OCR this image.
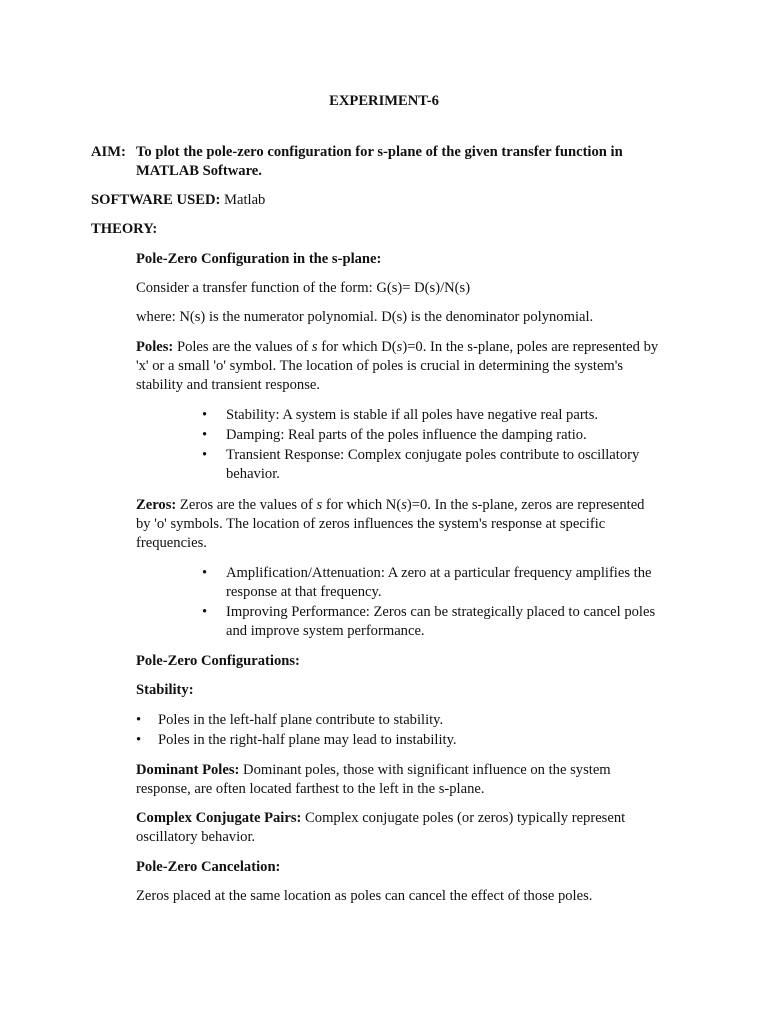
EXPERIMENT-6
AIM: To plot the pole-zero configuration for s-plane of the given transfer function in
MATLAB Software.
SOFTWARE USED: Matlab
THEORY:
Pole-Zero Configuration in the s-plane:
Consider a transfer function of the form: G(s)= D(s)/N(s)
where: N(s) is the numerator polynomial. D(s) is the denominator polynomial.
Poles: Poles are the values of s for which D(s)=0. In the s-plane, poles are represented by
'x' or a small 'o' symbol. The location of poles is crucial in determining the system's
stability and transient response.
• Stability: A system is stable if all poles have negative real parts.
• Damping: Real parts of the poles influence the damping ratio.
• Transient Response: Complex conjugate poles contribute to oscillatory
behavior.
Zeros: Zeros are the values of s for which N(s)=0. In the s-plane, zeros are represented
by 'o' symbols. The location of zeros influences the system's response at specific
frequencies.
• Amplification/Attenuation: A zero at a particular frequency amplifies the
response at that frequency.
• Improving Performance: Zeros can be strategically placed to cancel poles
and improve system performance.
Pole-Zero Configurations:
Stability:
• Poles in the left-half plane contribute to stability.
• Poles in the right-half plane may lead to instability.
Dominant Poles: Dominant poles, those with significant influence on the system
response, are often located farthest to the left in the s-plane.
Complex Conjugate Pairs: Complex conjugate poles (or zeros) typically represent
oscillatory behavior.
Pole-Zero Cancelation:
Zeros placed at the same location as poles can cancel the effect of those poles.
